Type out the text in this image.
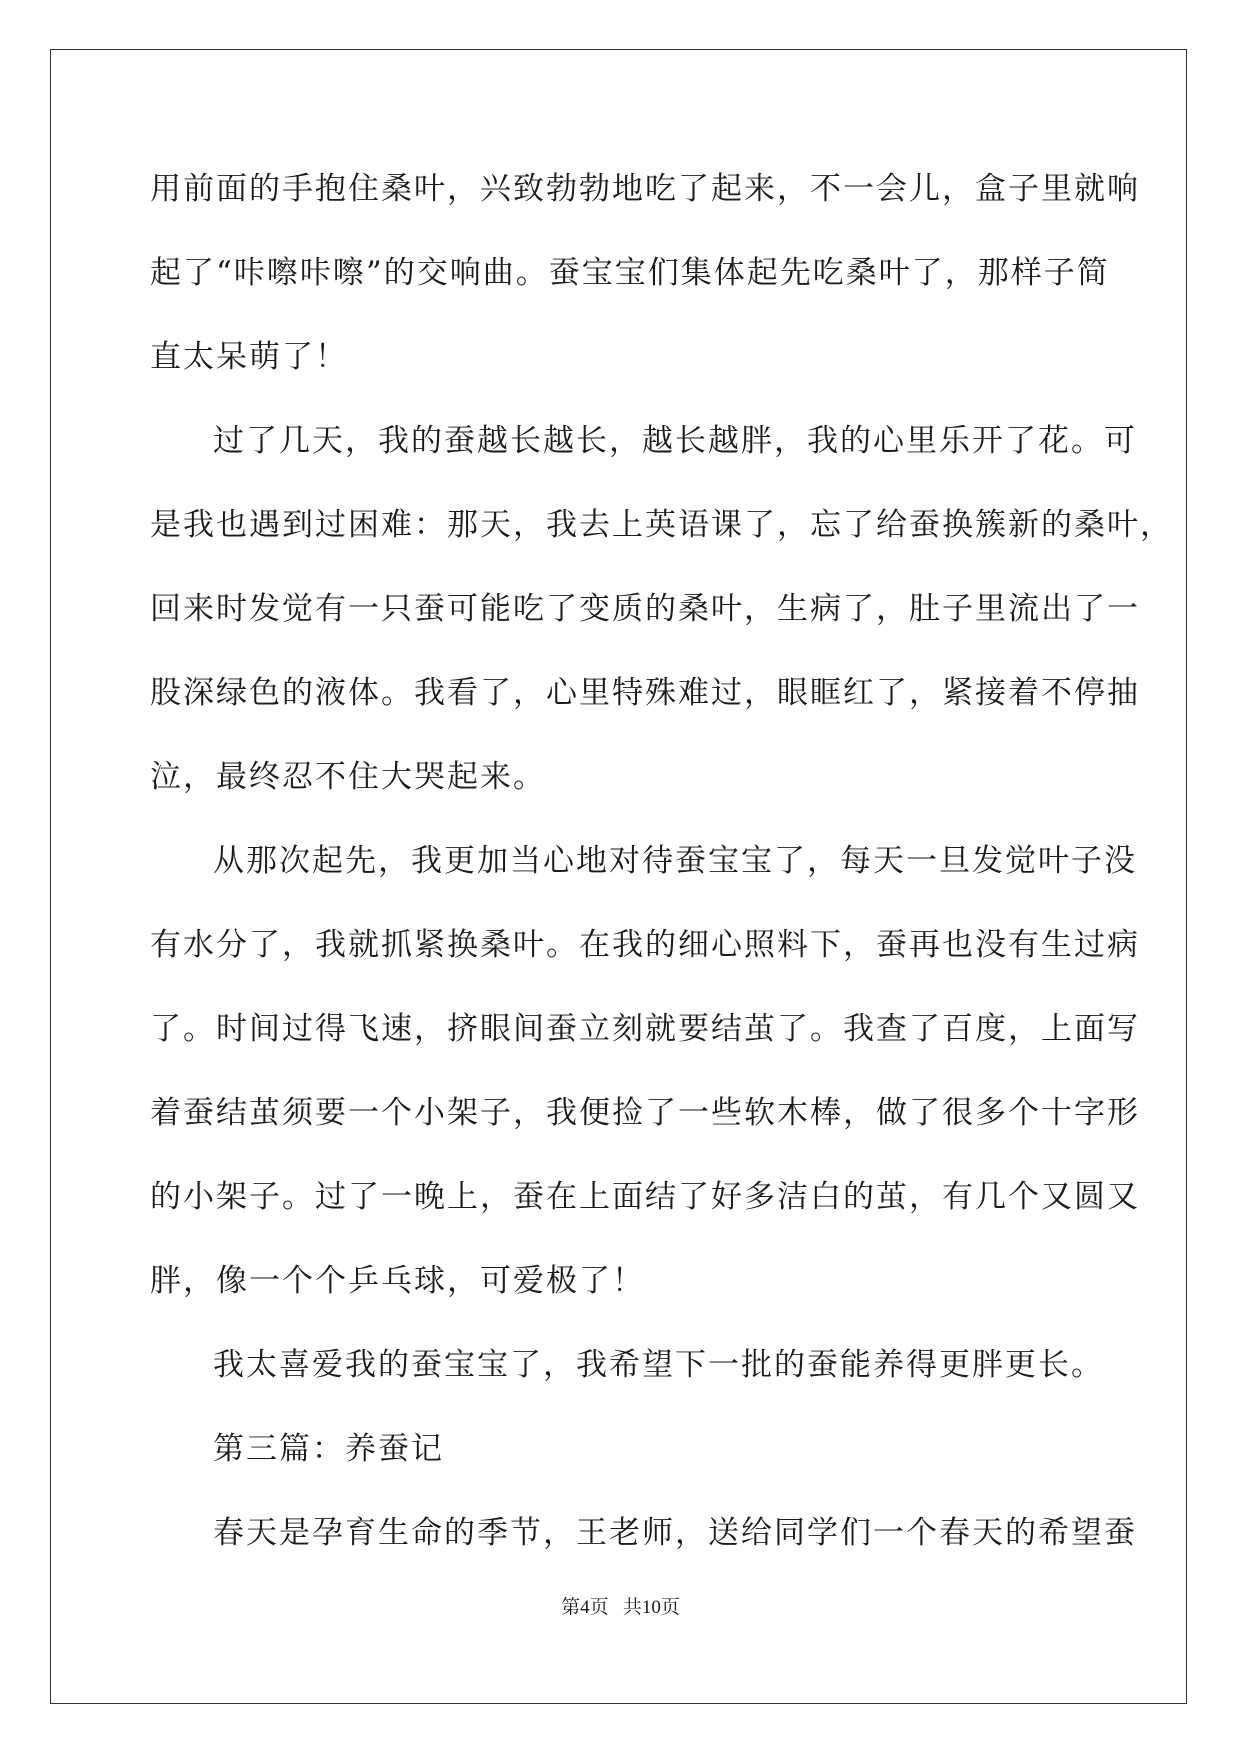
用前面的手抱住桑叶，兴致勃勃地吃了起来，不一会儿，盒子里就响
起了“咔嚓咔嚓”的交响曲。蚕宝宝们集体起先吃桑叶了，那样子简
直太呆萌了！
过了几天，我的蚕越长越长，越长越胖，我的心里乐开了花。可
是我也遇到过困难：那天，我去上英语课了，忘了给蚕换簇新的桑叶，
回来时发觉有一只蚕可能吃了变质的桑叶，生病了，肚子里流出了一
股深绿色的液体。我看了，心里特殊难过，眼眶红了，紧接着不停抽
泣，最终忍不住大哭起来。
从那次起先，我更加当心地对待蚕宝宝了，每天一旦发觉叶子没
有水分了，我就抓紧换桑叶。在我的细心照料下，蚕再也没有生过病
了。时间过得飞速，挤眼间蚕立刻就要结茧了。我查了百度，上面写
着蚕结茧须要一个小架子，我便捡了一些软木棒，做了很多个十字形
的小架子。过了一晚上，蚕在上面结了好多洁白的茧，有几个又圆又
胖，像一个个乒乓球，可爱极了！
我太喜爱我的蚕宝宝了，我希望下一批的蚕能养得更胖更长。
第三篇：养蚕记
春天是孕育生命的季节，王老师，送给同学们一个春天的希望蚕
第4页   共10页
